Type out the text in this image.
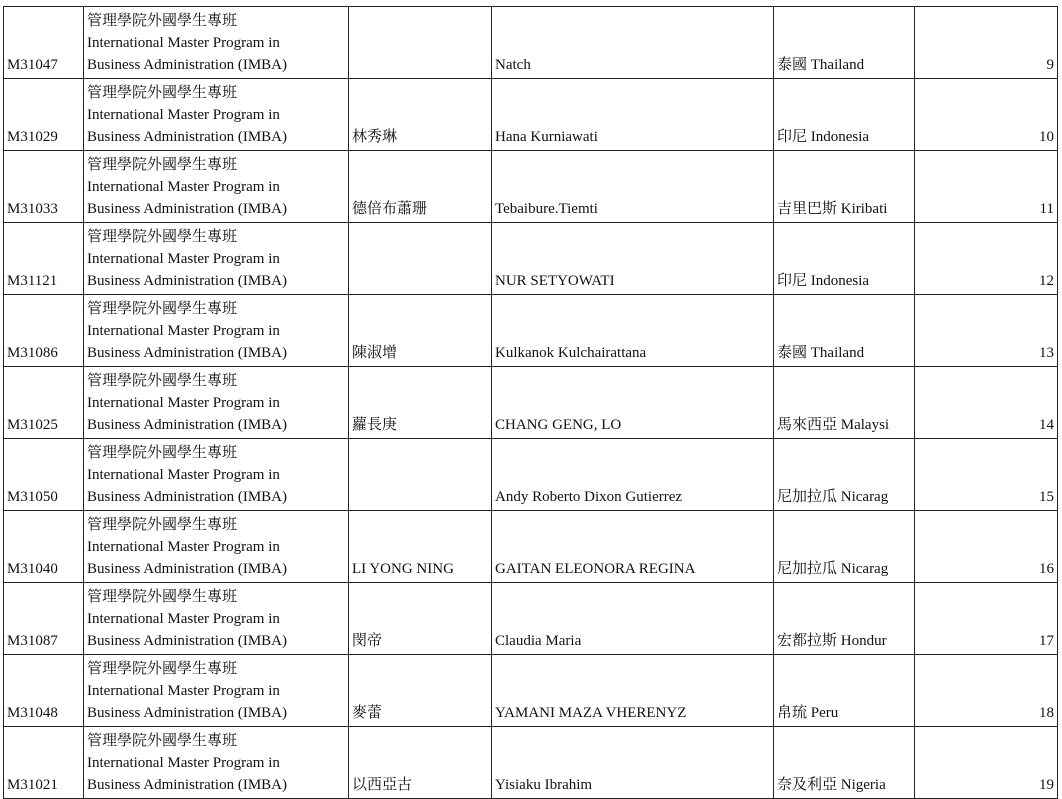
M31047	管理學院外國學生專班
International Master Program in
Business Administration (IMBA)		Natch	泰國 Thailand	9
M31029	管理學院外國學生專班
International Master Program in
Business Administration (IMBA)	林秀琳	Hana Kurniawati	印尼 Indonesia	10
M31033	管理學院外國學生專班
International Master Program in
Business Administration (IMBA)	德倍布蕭珊	Tebaibure.Tiemti	吉里巴斯 Kiribati	11
M31121	管理學院外國學生專班
International Master Program in
Business Administration (IMBA)		NUR SETYOWATI	印尼 Indonesia	12
M31086	管理學院外國學生專班
International Master Program in
Business Administration (IMBA)	陳淑增	Kulkanok Kulchairattana	泰國 Thailand	13
M31025	管理學院外國學生專班
International Master Program in
Business Administration (IMBA)	蘿長庚	CHANG GENG, LO	馬來西亞 Malaysi	14
M31050	管理學院外國學生專班
International Master Program in
Business Administration (IMBA)		Andy Roberto Dixon Gutierrez	尼加拉瓜 Nicarag	15
M31040	管理學院外國學生專班
International Master Program in
Business Administration (IMBA)	LI YONG NING	GAITAN ELEONORA REGINA	尼加拉瓜 Nicarag	16
M31087	管理學院外國學生專班
International Master Program in
Business Administration (IMBA)	閔帝	Claudia Maria	宏都拉斯 Hondur	17
M31048	管理學院外國學生專班
International Master Program in
Business Administration (IMBA)	麥蕾	YAMANI MAZA VHERENYZ	帛琉 Peru	18
M31021	管理學院外國學生專班
International Master Program in
Business Administration (IMBA)	以西亞古	Yisiaku Ibrahim	奈及利亞 Nigeria	19
